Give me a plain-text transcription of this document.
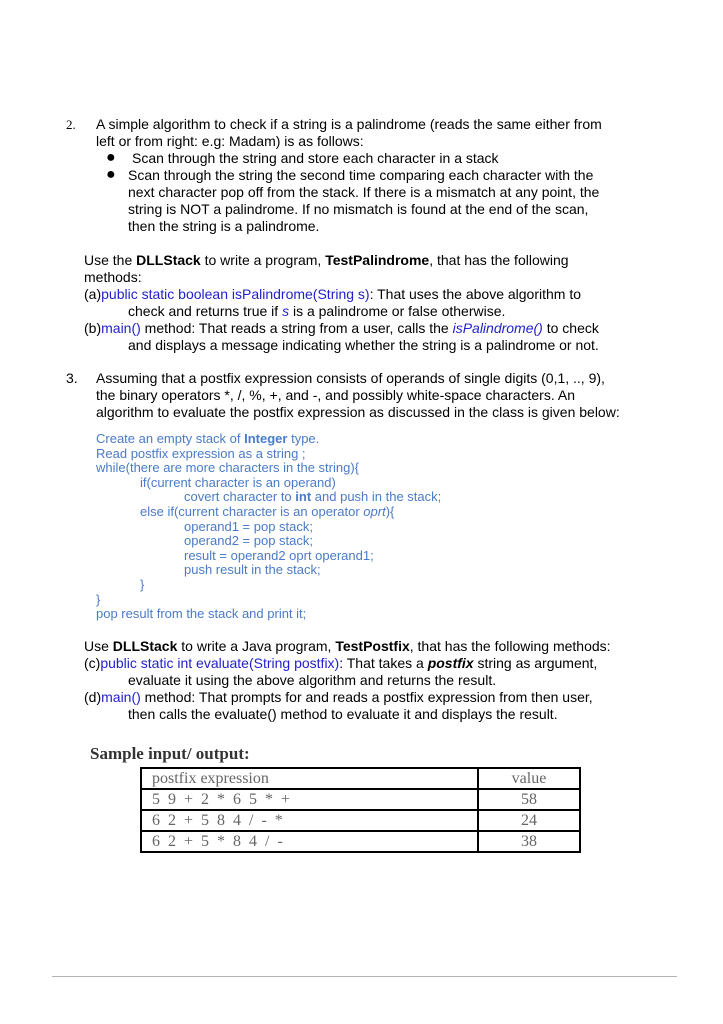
2. A simple algorithm to check if a string is a palindrome (reads the same either from
left or from right: e.g: Madam) is as follows:
● Scan through the string and store each character in a stack
● Scan through the string the second time comparing each character with the
next character pop off from the stack. If there is a mismatch at any point, the
string is NOT a palindrome. If no mismatch is found at the end of the scan,
then the string is a palindrome.
Use the DLLStack to write a program, TestPalindrome, that has the following
methods:
(a)public static boolean isPalindrome(String s): That uses the above algorithm to
check and returns true if s is a palindrome or false otherwise.
(b)main() method: That reads a string from a user, calls the isPalindrome() to check
and displays a message indicating whether the string is a palindrome or not.
3. Assuming that a postfix expression consists of operands of single digits (0,1, .., 9),
the binary operators *, /, %, +, and -, and possibly white-space characters. An
algorithm to evaluate the postfix expression as discussed in the class is given below:
Create an empty stack of Integer type.
Read postfix expression as a string ;
while(there are more characters in the string){
if(current character is an operand)
covert character to int and push in the stack;
else if(current character is an operator oprt){
operand1 = pop stack;
operand2 = pop stack;
result = operand2 oprt operand1;
push result in the stack;
}
}
pop result from the stack and print it;
Use DLLStack to write a Java program, TestPostfix, that has the following methods:
(c)public static int evaluate(String postfix): That takes a postfix string as argument,
evaluate it using the above algorithm and returns the result.
(d)main() method: That prompts for and reads a postfix expression from then user,
then calls the evaluate() method to evaluate it and displays the result.
Sample input/ output:
postfix expression	value
5 9 + 2 * 6 5 * +	58
6 2 + 5 8 4 / - *	24
6 2 + 5 * 8 4 / -	38
